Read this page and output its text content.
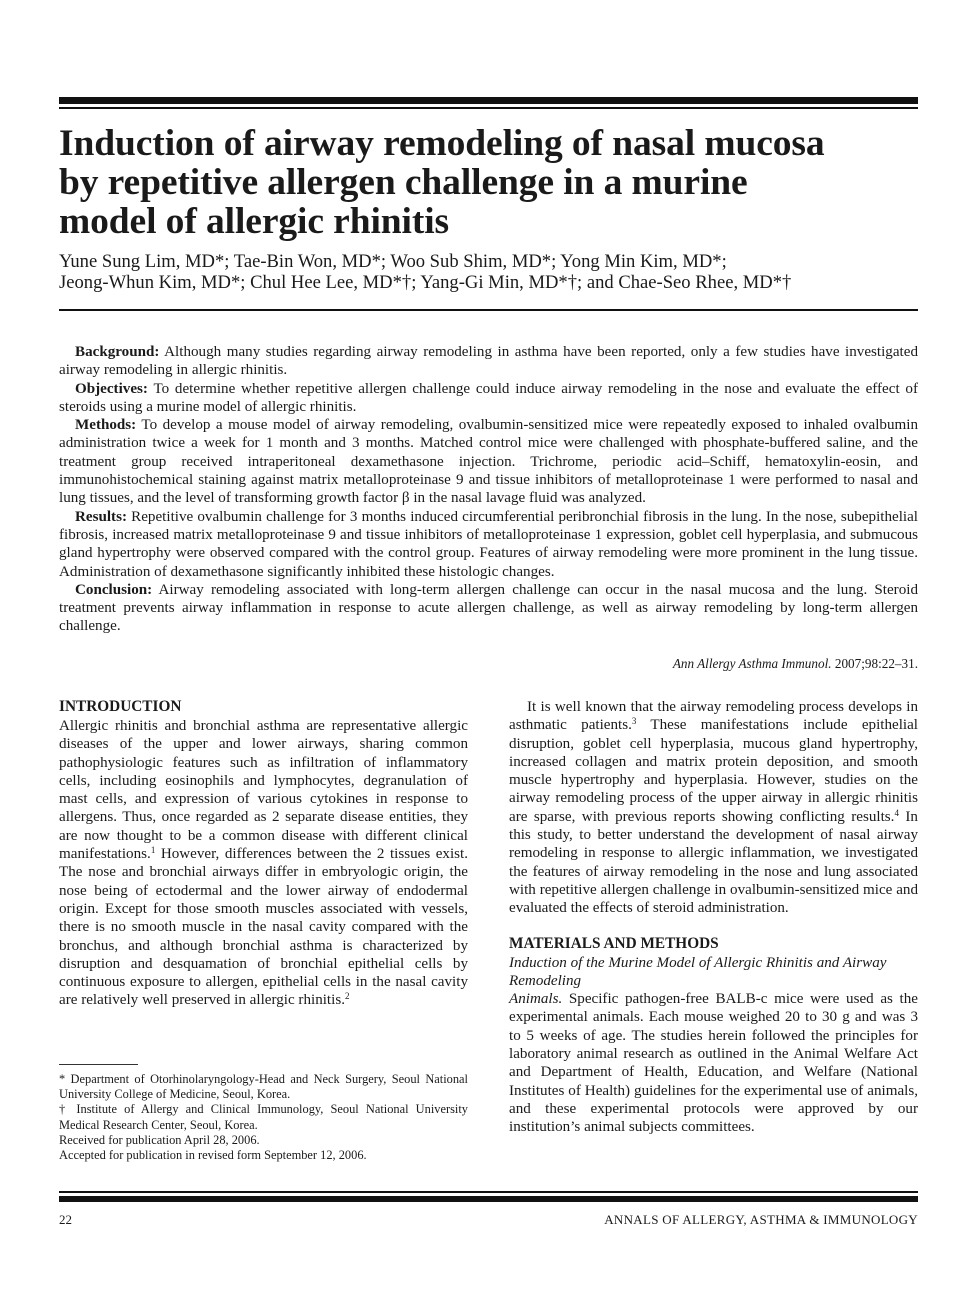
Induction of airway remodeling of nasal mucosa
by repetitive allergen challenge in a murine
model of allergic rhinitis
Yune Sung Lim, MD*; Tae-Bin Won, MD*; Woo Sub Shim, MD*; Yong Min Kim, MD*;
Jeong-Whun Kim, MD*; Chul Hee Lee, MD*†; Yang-Gi Min, MD*†; and Chae-Seo Rhee, MD*†

Background: Although many studies regarding airway remodeling in asthma have been reported, only a few studies have investigated airway remodeling in allergic rhinitis.

Objectives: To determine whether repetitive allergen challenge could induce airway remodeling in the nose and evaluate the effect of steroids using a murine model of allergic rhinitis.

Methods: To develop a mouse model of airway remodeling, ovalbumin-sensitized mice were repeatedly exposed to inhaled ovalbumin administration twice a week for 1 month and 3 months. Matched control mice were challenged with phosphate-buffered saline, and the treatment group received intraperitoneal dexamethasone injection. Trichrome, periodic acid–Schiff, hematoxylin-eosin, and immunohistochemical staining against matrix metalloproteinase 9 and tissue inhibitors of metalloproteinase 1 were performed to nasal and lung tissues, and the level of transforming growth factor β in the nasal lavage fluid was analyzed.

Results: Repetitive ovalbumin challenge for 3 months induced circumferential peribronchial fibrosis in the lung. In the nose, subepithelial fibrosis, increased matrix metalloproteinase 9 and tissue inhibitors of metalloproteinase 1 expression, goblet cell hyperplasia, and submucous gland hypertrophy were observed compared with the control group. Features of airway remodeling were more prominent in the lung tissue. Administration of dexamethasone significantly inhibited these histologic changes.

Conclusion: Airway remodeling associated with long-term allergen challenge can occur in the nasal mucosa and the lung. Steroid treatment prevents airway inflammation in response to acute allergen challenge, as well as airway remodeling by long-term allergen challenge.

Ann Allergy Asthma Immunol. 2007;98:22–31.
INTRODUCTION

Allergic rhinitis and bronchial asthma are representative allergic diseases of the upper and lower airways, sharing common pathophysiologic features such as infiltration of inflammatory cells, including eosinophils and lymphocytes, degranulation of mast cells, and expression of various cytokines in response to allergens. Thus, once regarded as 2 separate disease entities, they are now thought to be a common disease with different clinical manifestations.$^1$ However, differences between the 2 tissues exist. The nose and bronchial airways differ in embryologic origin, the nose being of ectodermal and the lower airway of endodermal origin. Except for those smooth muscles associated with vessels, there is no smooth muscle in the nasal cavity compared with the bronchus, and although bronchial asthma is characterized by disruption and desquamation of bronchial epithelial cells by continuous exposure to allergen, epithelial cells in the nasal cavity are relatively well preserved in allergic rhinitis.$^2$

It is well known that the airway remodeling process develops in asthmatic patients.$^3$ These manifestations include epithelial disruption, goblet cell hyperplasia, mucous gland hypertrophy, increased collagen and matrix protein deposition, and smooth muscle hypertrophy and hyperplasia. However, studies on the airway remodeling process of the upper airway in allergic rhinitis are sparse, with previous reports showing conflicting results.$^4$ In this study, to better understand the development of nasal airway remodeling in response to allergic inflammation, we investigated the features of airway remodeling in the nose and lung associated with repetitive allergen challenge in ovalbumin-sensitized mice and evaluated the effects of steroid administration.

MATERIALS AND METHODS

Induction of the Murine Model of Allergic Rhinitis and Airway Remodeling

Animals. Specific pathogen-free BALB-c mice were used as the experimental animals. Each mouse weighed 20 to 30 g and was 3 to 5 weeks of age. The studies herein followed the principles for laboratory animal research as outlined in the Animal Welfare Act and Department of Health, Education, and Welfare (National Institutes of Health) guidelines for the experimental use of animals, and these experimental protocols were approved by our institution’s animal subjects committees.

* Department of Otorhinolaryngology-Head and Neck Surgery, Seoul National University College of Medicine, Seoul, Korea.

† Institute of Allergy and Clinical Immunology, Seoul National University Medical Research Center, Seoul, Korea.

Received for publication April 28, 2006.

Accepted for publication in revised form September 12, 2006.

22	ANNALS OF ALLERGY, ASTHMA & IMMUNOLOGY
